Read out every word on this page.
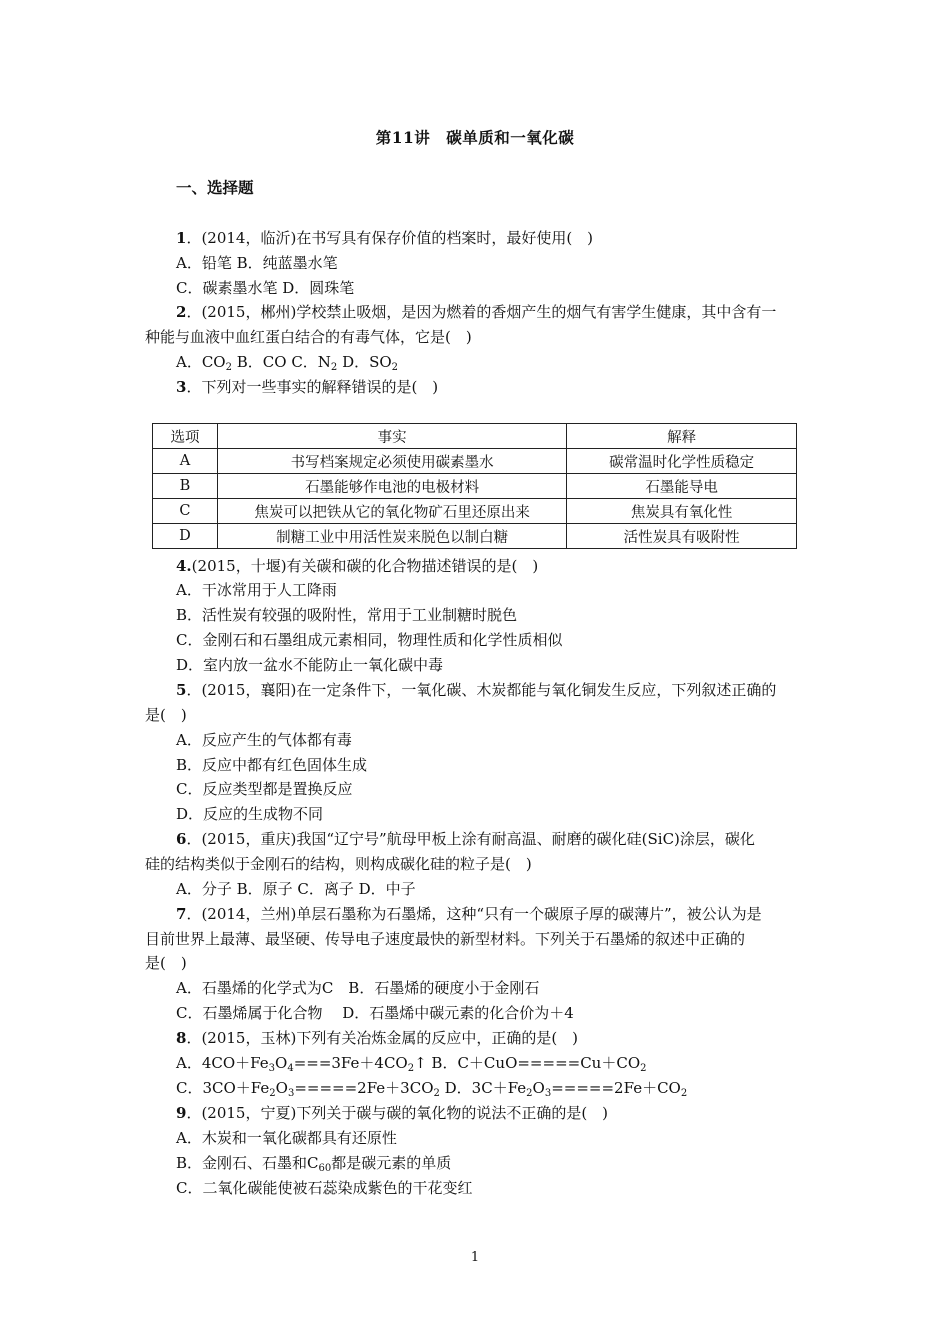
第11讲　碳单质和一氧化碳
一、选择题
1．(2014，临沂)在书写具有保存价值的档案时，最好使用(　)
A．铅笔 B．纯蓝墨水笔
C．碳素墨水笔 D．圆珠笔
2．(2015，郴州)学校禁止吸烟，是因为燃着的香烟产生的烟气有害学生健康，其中含有一
种能与血液中血红蛋白结合的有毒气体，它是(　)
A．$CO_2$ B．CO C．$N_2$ D．$SO_2$
3．下列对一些事实的解释错误的是(　)
选项	事实	解释
A	书写档案规定必须使用碳素墨水	碳常温时化学性质稳定
B	石墨能够作电池的电极材料	石墨能导电
C	焦炭可以把铁从它的氧化物矿石里还原出来	焦炭具有氧化性
D	制糖工业中用活性炭来脱色以制白糖	活性炭具有吸附性
4.(2015，十堰)有关碳和碳的化合物描述错误的是(　)
A．干冰常用于人工降雨
B．活性炭有较强的吸附性，常用于工业制糖时脱色
C．金刚石和石墨组成元素相同，物理性质和化学性质相似
D．室内放一盆水不能防止一氧化碳中毒
5．(2015，襄阳)在一定条件下，一氧化碳、木炭都能与氧化铜发生反应，下列叙述正确的
是(　)
A．反应产生的气体都有毒
B．反应中都有红色固体生成
C．反应类型都是置换反应
D．反应的生成物不同
6．(2015，重庆)我国“辽宁号”航母甲板上涂有耐高温、耐磨的碳化硅(SiC)涂层，碳化
硅的结构类似于金刚石的结构，则构成碳化硅的粒子是(　)
A．分子 B．原子 C．离子 D．中子
7．(2014，兰州)单层石墨称为石墨烯，这种“只有一个碳原子厚的碳薄片”，被公认为是
目前世界上最薄、最坚硬、传导电子速度最快的新型材料。下列关于石墨烯的叙述中正确的
是(　)
A．石墨烯的化学式为C　B．石墨烯的硬度小于金刚石
C．石墨烯属于化合物　 D．石墨烯中碳元素的化合价为＋4
8．(2015，玉林)下列有关冶炼金属的反应中，正确的是(　)
A．$4CO+Fe_3O_4===3Fe+4CO_2↑$ B．$C+CuO=====Cu+CO_2$
C．$3CO+Fe_2O_3=====2Fe+3CO_2$ D．$3C+Fe_2O_3=====2Fe+CO_2$
9．(2015，宁夏)下列关于碳与碳的氧化物的说法不正确的是(　)
A．木炭和一氧化碳都具有还原性
B．金刚石、石墨和$C_{60}$都是碳元素的单质
C．二氧化碳能使被石蕊染成紫色的干花变红
1
